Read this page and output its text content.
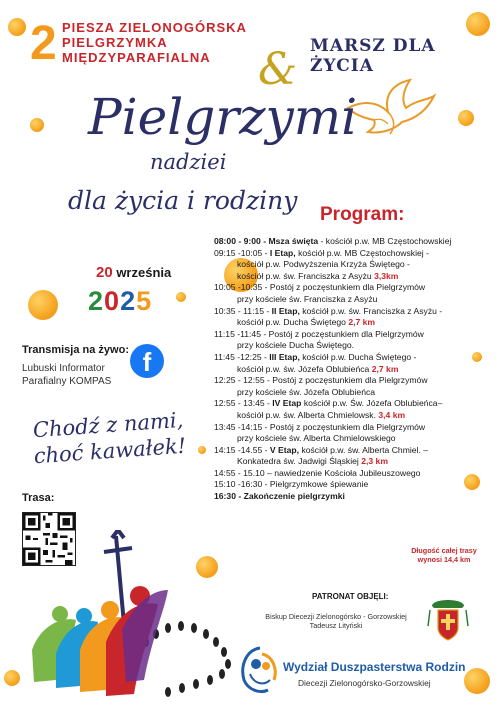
2 PIESZA ZIELONOGÓRSKA
PIELGRZYMKA
MIĘDZYPARAFIALNA	& MARSZ DLA ŻYCIA
Pielgrzymi
nadziei
dla życia i rodziny
20 września
2025
Transmisja na żywo:
Lubuski Informator
Parafialny KOMPAS
f
Chodź z nami,
choć kawałek!
Trasa:
Program:
08:00 - 9:00 - Msza święta - kościół p.w. MB Częstochowskiej
09:15 -10:05 - I Etap, kościół p.w. MB Częstochowskiej -
kościół p.w. Podwyższenia Krzyża Świętego -
kościół p.w. św. Franciszka z Asyżu 3,3km
10:05 -10:35 - Postój z poczęstunkiem dla Pielgrzymów
przy kościele św. Franciszka z Asyżu
10:35 - 11:15 - II Etap, kościół p.w. św. Franciszka z Asyżu -
kościół p.w. Ducha Świętego 2,7 km
11:15 -11:45 - Postój z poczęstunkiem dla Pielgrzymów
przy kościele Ducha Świętego.
11:45 -12:25 - III Etap, kościół p.w. Ducha Świętego -
kościół p.w. św. Józefa Oblubieńca 2,7 km
12:25 - 12:55 - Postój z poczęstunkiem dla Pielgrzymów
przy kościele św. Józefa Oblubieńca
12:55 - 13:45 - IV Etap kościół p.w. Św. Józefa Oblubieńca–
kościół p.w. św. Alberta Chmielowsk. 3,4 km
13:45 -14:15 - Postój z poczęstunkiem dla Pielgrzymów
przy kościele św. Alberta Chmielowskiego
14:15 -14.55 - V Etap, kościół p.w. św. Alberta Chmiel. –
Konkatedra św. Jadwigi Śląskiej 2,3 km
14:55 - 15.10 – nawiedzenie Kościoła Jubileuszowego
15:10 -16:30 - Pielgrzymkowe śpiewanie
16:30 - Zakończenie pielgrzymki
Długość całej trasy
wynosi 14,4 km
PATRONAT OBJĘLI:
Biskup Diecezji Zielonogórsko - Gorzowskiej
Tadeusz Lityński
Wydział Duszpasterstwa Rodzin
Diecezji Zielonogórsko-Gorzowskiej
